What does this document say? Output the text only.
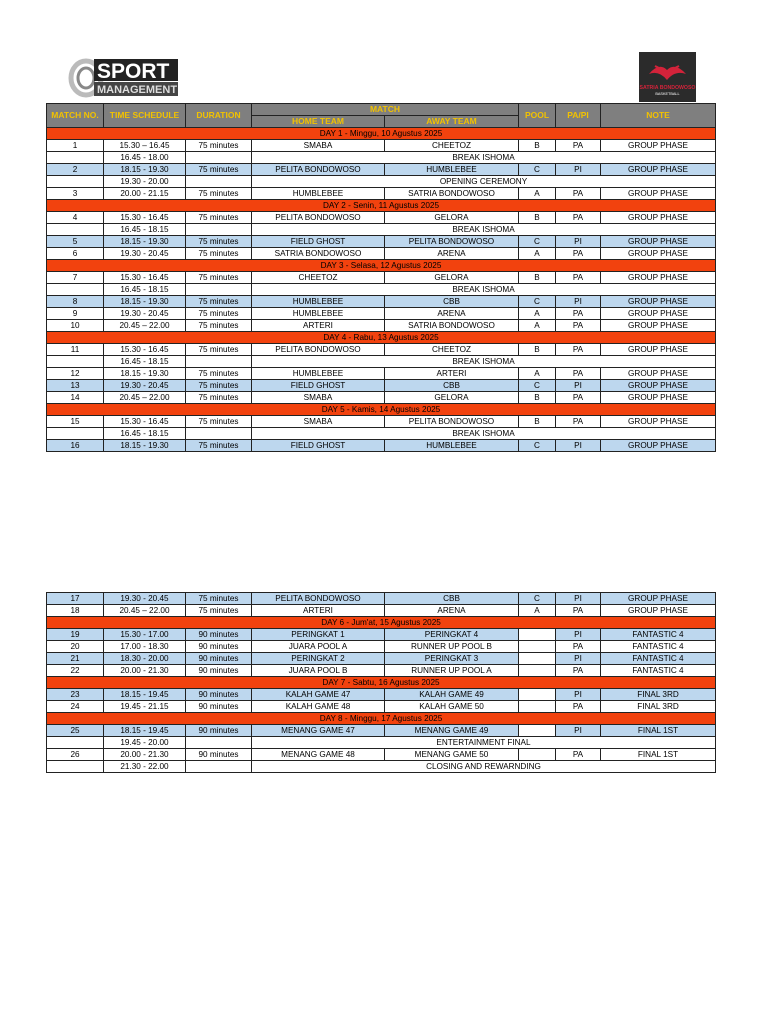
SPORT
MANAGEMENT	SATRIA BONDOWOSO
BASKETBALL
MATCH NO.	TIME SCHEDULE	DURATION	MATCH		POOL	PA/PI	NOTE
			HOME TEAM	AWAY TEAM			
DAY 1 - Minggu, 10 Agustus 2025							
1	15.30 – 16.45	75 minutes	SMABA	CHEETOZ	B	PA	GROUP PHASE
	16.45 - 18.00		BREAK ISHOMA				
2	18.15 - 19.30	75 minutes	PELITA BONDOWOSO	HUMBLEBEE	C	PI	GROUP PHASE
	19.30 - 20.00		OPENING CEREMONY				
3	20.00 - 21.15	75 minutes	HUMBLEBEE	SATRIA BONDOWOSO	A	PA	GROUP PHASE
DAY 2 - Senin, 11 Agustus 2025							
4	15.30 - 16.45	75 minutes	PELITA BONDOWOSO	GELORA	B	PA	GROUP PHASE
	16.45 - 18.15		BREAK ISHOMA				
5	18.15 - 19.30	75 minutes	FIELD GHOST	PELITA BONDOWOSO	C	PI	GROUP PHASE
6	19.30 - 20.45	75 minutes	SATRIA BONDOWOSO	ARENA	A	PA	GROUP PHASE
DAY 3 - Selasa, 12 Agustus 2025							
7	15.30 - 16.45	75 minutes	CHEETOZ	GELORA	B	PA	GROUP PHASE
	16.45 - 18.15		BREAK ISHOMA				
8	18.15 - 19.30	75 minutes	HUMBLEBEE	CBB	C	PI	GROUP PHASE
9	19.30 - 20.45	75 minutes	HUMBLEBEE	ARENA	A	PA	GROUP PHASE
10	20.45 – 22.00	75 minutes	ARTERI	SATRIA BONDOWOSO	A	PA	GROUP PHASE
DAY 4 - Rabu, 13 Agustus 2025							
11	15.30 - 16.45	75 minutes	PELITA BONDOWOSO	CHEETOZ	B	PA	GROUP PHASE
	16.45 - 18.15		BREAK ISHOMA				
12	18.15 - 19.30	75 minutes	HUMBLEBEE	ARTERI	A	PA	GROUP PHASE
13	19.30 - 20.45	75 minutes	FIELD GHOST	CBB	C	PI	GROUP PHASE
14	20.45 – 22.00	75 minutes	SMABA	GELORA	B	PA	GROUP PHASE
DAY 5 - Kamis, 14 Agustus 2025							
15	15.30 - 16.45	75 minutes	SMABA	PELITA BONDOWOSO	B	PA	GROUP PHASE
	16.45 - 18.15		BREAK ISHOMA				
16	18.15 - 19.30	75 minutes	FIELD GHOST	HUMBLEBEE	C	PI	GROUP PHASE
17	19.30 - 20.45	75 minutes	PELITA BONDOWOSO	CBB	C	PI	GROUP PHASE
18	20.45 – 22.00	75 minutes	ARTERI	ARENA	A	PA	GROUP PHASE
DAY 6 - Jum'at, 15 Agustus 2025							
19	15.30 - 17.00	90 minutes	PERINGKAT 1	PERINGKAT 4		PI	FANTASTIC 4
20	17.00 - 18.30	90 minutes	JUARA POOL A	RUNNER UP POOL B		PA	FANTASTIC 4
21	18.30 - 20.00	90 minutes	PERINGKAT 2	PERINGKAT 3		PI	FANTASTIC 4
22	20.00 - 21.30	90 minutes	JUARA POOL B	RUNNER UP POOL A		PA	FANTASTIC 4
DAY 7 - Sabtu, 16 Agustus 2025							
23	18.15 - 19.45	90 minutes	KALAH GAME 47	KALAH GAME 49		PI	FINAL 3RD
24	19.45 - 21.15	90 minutes	KALAH GAME 48	KALAH GAME 50		PA	FINAL 3RD
DAY 8 - Minggu, 17 Agustus 2025							
25	18.15 - 19.45	90 minutes	MENANG GAME 47	MENANG GAME 49		PI	FINAL 1ST
	19.45 - 20.00		ENTERTAINMENT FINAL				
26	20.00 - 21.30	90 minutes	MENANG GAME 48	MENANG GAME 50		PA	FINAL 1ST
	21.30 - 22.00		CLOSING AND REWARNDING				
